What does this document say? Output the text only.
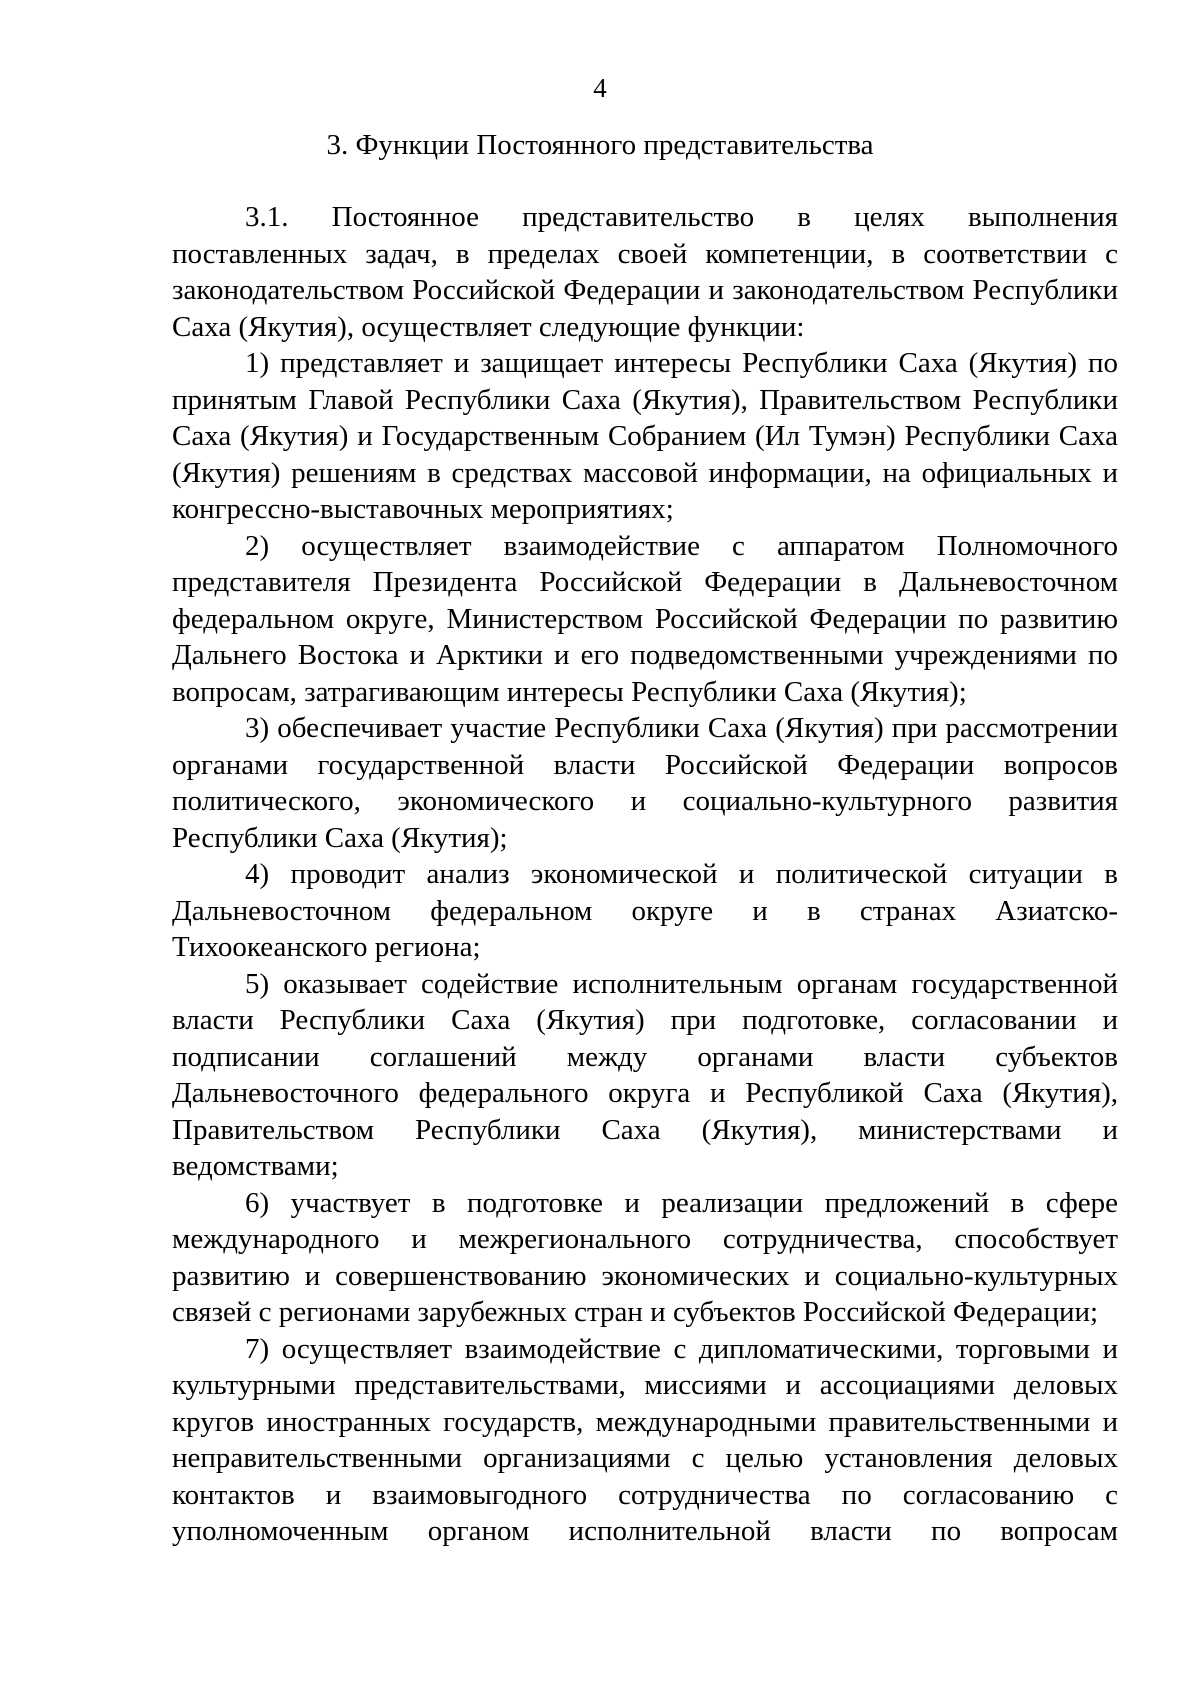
4
3. Функции Постоянного представительства

3.1. Постоянное представительство в целях выполнения поставленных задач, в пределах своей компетенции, в соответствии с законодательством Российской Федерации и законодательством Республики Саха (Якутия), осуществляет следующие функции:

1) представляет и защищает интересы Республики Саха (Якутия) по принятым Главой Республики Саха (Якутия), Правительством Республики Саха (Якутия) и Государственным Собранием (Ил Тумэн) Республики Саха (Якутия) решениям в средствах массовой информации, на официальных и конгрессно-выставочных мероприятиях;

2) осуществляет взаимодействие с аппаратом Полномочного представителя Президента Российской Федерации в Дальневосточном федеральном округе, Министерством Российской Федерации по развитию Дальнего Востока и Арктики и его подведомственными учреждениями по вопросам, затрагивающим интересы Республики Саха (Якутия);

3) обеспечивает участие Республики Саха (Якутия) при рассмотрении органами государственной власти Российской Федерации вопросов политического, экономического и социально-культурного развития Республики Саха (Якутия);

4) проводит анализ экономической и политической ситуации в Дальневосточном федеральном округе и в странах Азиатско-Тихоокеанского региона;

5) оказывает содействие исполнительным органам государственной власти Республики Саха (Якутия) при подготовке, согласовании и подписании соглашений между органами власти субъектов Дальневосточного федерального округа и Республикой Саха (Якутия), Правительством Республики Саха (Якутия), министерствами и ведомствами;

6) участвует в подготовке и реализации предложений в сфере международного и межрегионального сотрудничества, способствует развитию и совершенствованию экономических и социально-культурных связей с регионами зарубежных стран и субъектов Российской Федерации;

7) осуществляет взаимодействие с дипломатическими, торговыми и культурными представительствами, миссиями и ассоциациями деловых кругов иностранных государств, международными правительственными и неправительственными организациями с целью установления деловых контактов и взаимовыгодного сотрудничества по согласованию с уполномоченным органом исполнительной власти по вопросам
